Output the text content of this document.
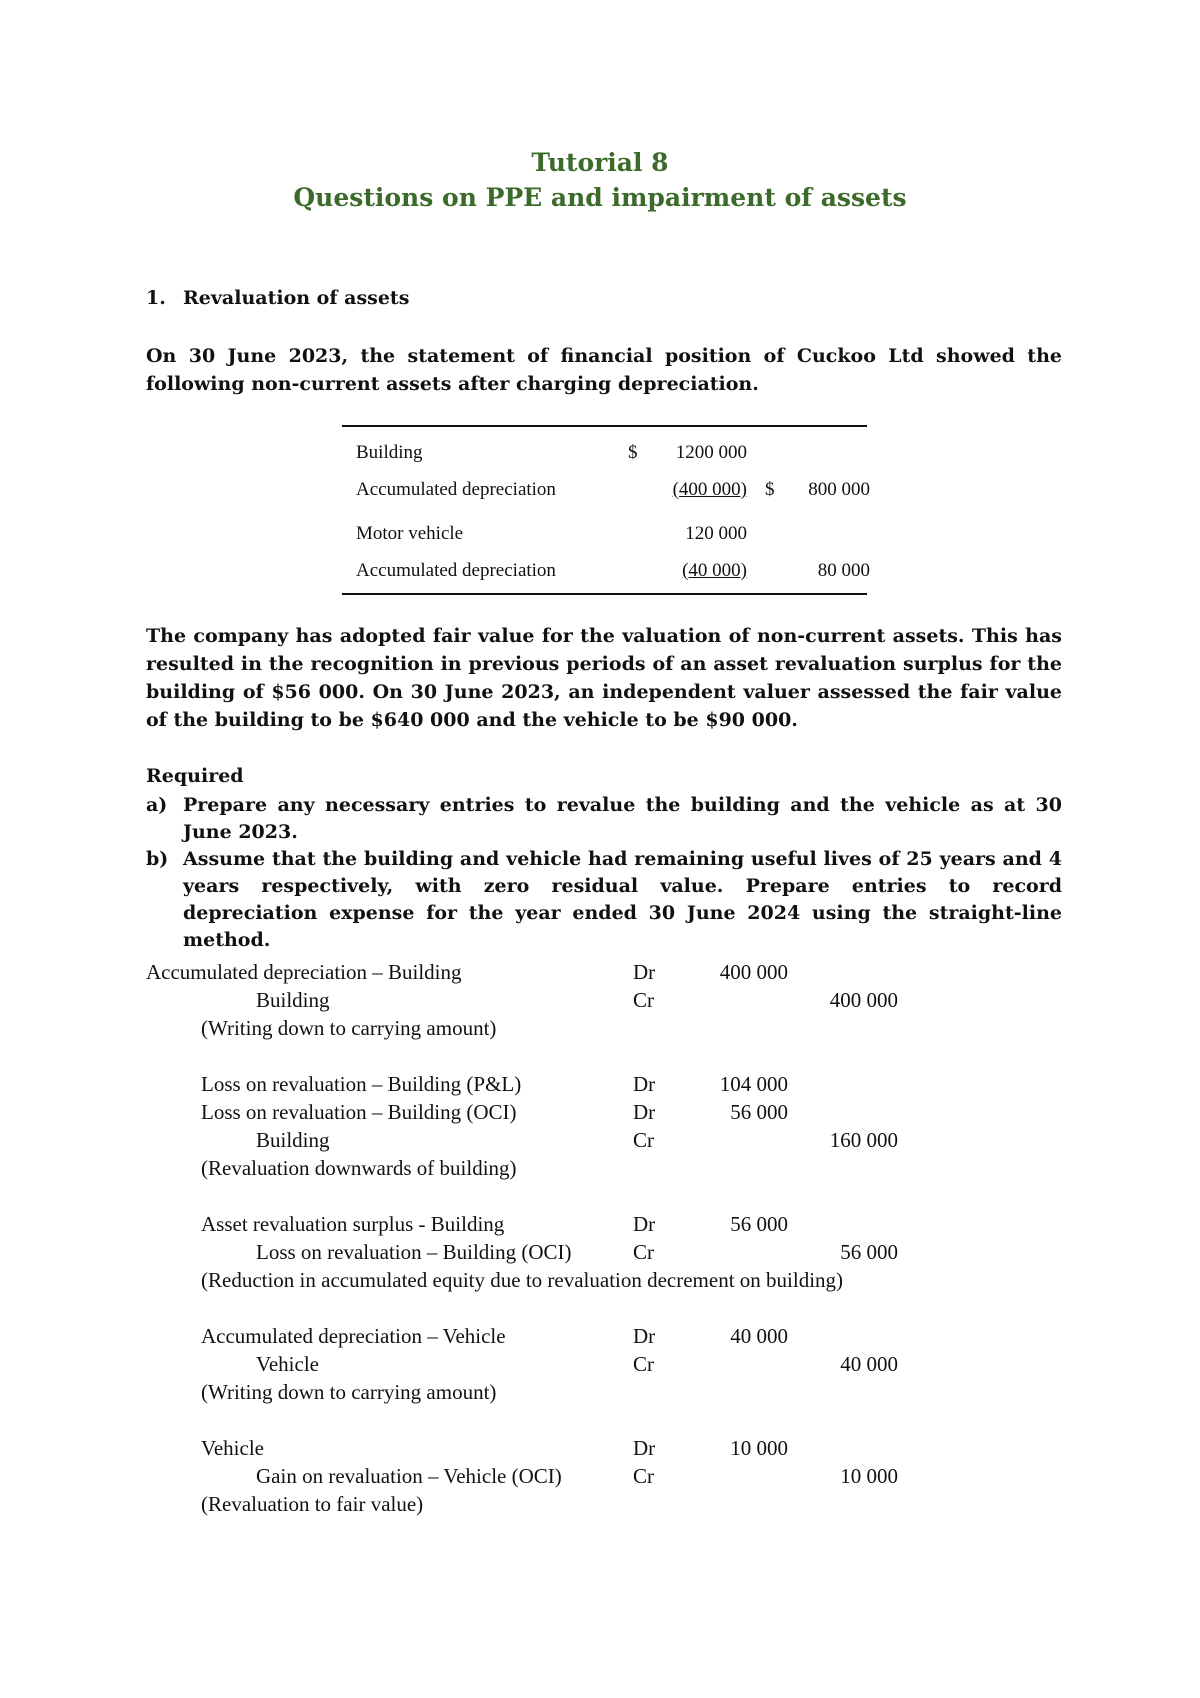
Tutorial 8
Questions on PPE and impairment of assets
1. Revaluation of assets
On 30 June 2023, the statement of financial position of Cuckoo Ltd showed the following non-current assets after charging depreciation.
Building	$	1200 000
Accumulated depreciation	(400 000) $	800 000
Motor vehicle	120 000
Accumulated depreciation	(40 000)	80 000
The company has adopted fair value for the valuation of non-current assets. This has resulted in the recognition in previous periods of an asset revaluation surplus for the building of $56 000. On 30 June 2023, an independent valuer assessed the fair value of the building to be $640 000 and the vehicle to be $90 000.
Required
a) Prepare any necessary entries to revalue the building and the vehicle as at 30 June 2023.
b) Assume that the building and vehicle had remaining useful lives of 25 years and 4 years respectively, with zero residual value. Prepare entries to record depreciation expense for the year ended 30 June 2024 using the straight-line method.
Accumulated depreciation – Building	Dr	400 000
Building	Cr	400 000
(Writing down to carrying amount)
Loss on revaluation – Building (P&L)	Dr	104 000
Loss on revaluation – Building (OCI)	Dr	56 000
Building	Cr	160 000
(Revaluation downwards of building)
Asset revaluation surplus - Building	Dr	56 000
Loss on revaluation – Building (OCI)	Cr	56 000
(Reduction in accumulated equity due to revaluation decrement on building)
Accumulated depreciation – Vehicle	Dr	40 000
Vehicle	Cr	40 000
(Writing down to carrying amount)
Vehicle	Dr	10 000
Gain on revaluation – Vehicle (OCI)	Cr	10 000
(Revaluation to fair value)
